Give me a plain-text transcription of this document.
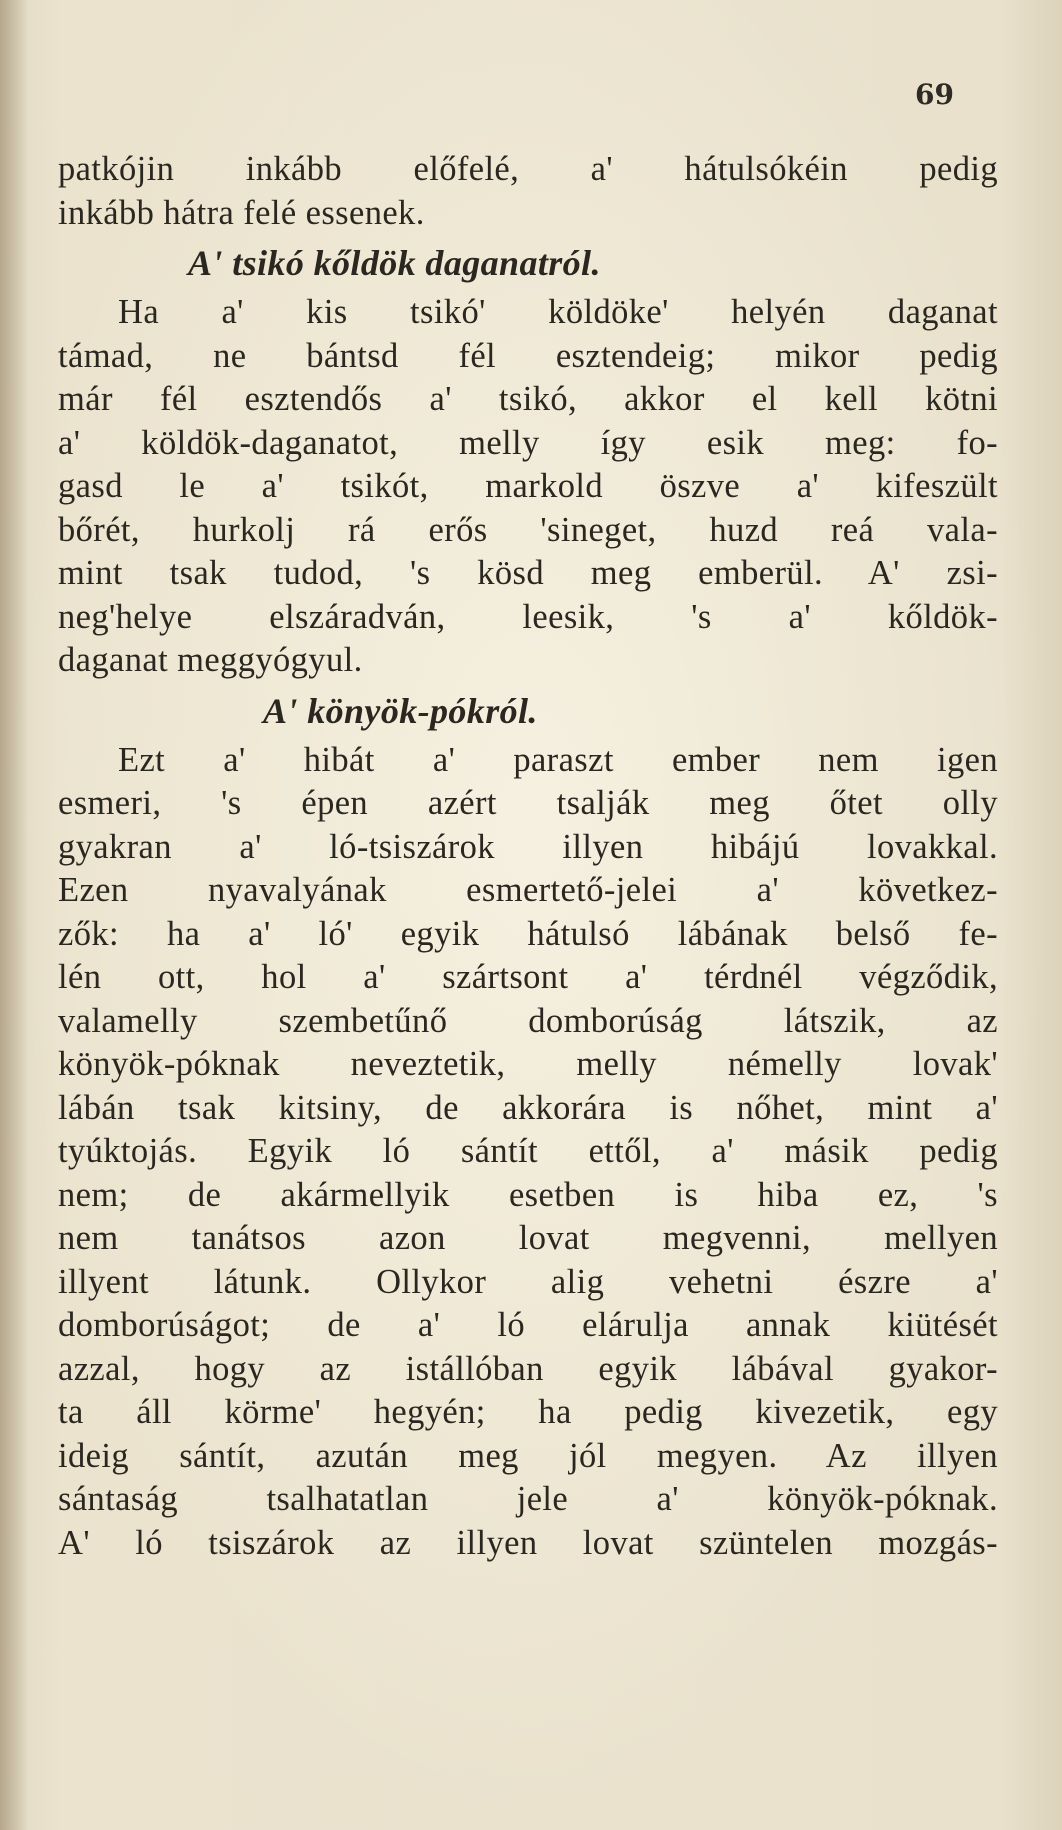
69
patkójin inkább előfelé, a' hátulsókéin pedig
inkább hátra felé essenek.
A' tsikó kőldök daganatról.
Ha a' kis tsikó' köldöke' helyén daganat
támad, ne bántsd fél esztendeig; mikor pedig
már fél esztendős a' tsikó, akkor el kell kötni
a' köldök-daganatot, melly így esik meg: fo-
gasd le a' tsikót, markold öszve a' kifeszült
bőrét, hurkolj rá erős 'sineget, huzd reá vala-
mint tsak tudod, 's kösd meg emberül. A' zsi-
neg'helye elszáradván, leesik, 's a' kőldök-
daganat meggyógyul.
A' könyök-pókról.
Ezt a' hibát a' paraszt ember nem igen
esmeri, 's épen azért tsalják meg őtet olly
gyakran a' ló-tsiszárok illyen hibájú lovakkal.
Ezen nyavalyának esmertető-jelei a' következ-
zők: ha a' ló' egyik hátulsó lábának belső fe-
lén ott, hol a' szártsont a' térdnél végződik,
valamelly szembetűnő domborúság látszik, az
könyök-póknak neveztetik, melly némelly lovak'
lábán tsak kitsiny, de akkorára is nőhet, mint a'
tyúktojás. Egyik ló sántít ettől, a' másik pedig
nem; de akármellyik esetben is hiba ez, 's
nem tanátsos azon lovat megvenni, mellyen
illyent látunk. Ollykor alig vehetni észre a'
domborúságot; de a' ló elárulja annak kiütését
azzal, hogy az istállóban egyik lábával gyakor-
ta áll körme' hegyén; ha pedig kivezetik, egy
ideig sántít, azután meg jól megyen. Az illyen
sántaság tsalhatatlan jele a' könyök-póknak.
A' ló tsiszárok az illyen lovat szüntelen mozgás-
